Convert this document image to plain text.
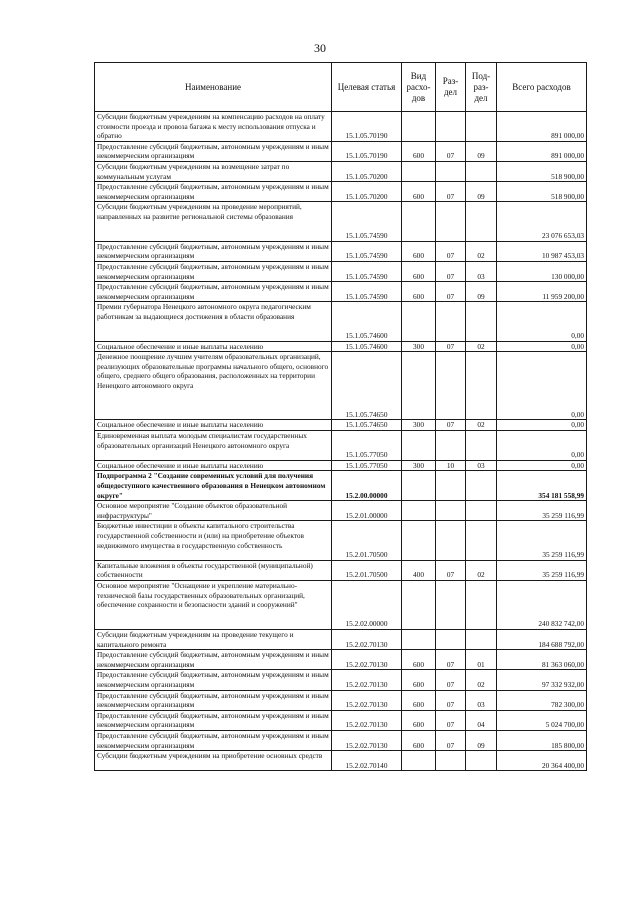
30
Наименование	Целевая статья	Вид расхо-дов	Раз-дел	Под-раз-дел	Всего расходов
Субсидии бюджетным учреждениям на компенсацию расходов на оплату стоимости проезда и провоза багажа к месту использования отпуска и обратно	15.1.05.70190				891 000,00
Предоставление субсидий бюджетным, автономным учреждениям и иным некоммерческим организациям	15.1.05.70190	600	07	09	891 000,00
Субсидии бюджетным учреждениям на возмещение затрат по коммунальным услугам	15.1.05.70200				518 900,00
Предоставление субсидий бюджетным, автономным учреждениям и иным некоммерческим организациям	15.1.05.70200	600	07	09	518 900,00
Субсидии бюджетным учреждениям на проведение мероприятий, направленных на развитие региональной системы образования	15.1.05.74590				23 076 653,03
Предоставление субсидий бюджетным, автономным учреждениям и иным некоммерческим организациям	15.1.05.74590	600	07	02	10 987 453,03
Предоставление субсидий бюджетным, автономным учреждениям и иным некоммерческим организациям	15.1.05.74590	600	07	03	130 000,00
Предоставление субсидий бюджетным, автономным учреждениям и иным некоммерческим организациям	15.1.05.74590	600	07	09	11 959 200,00
Премии губернатора Ненецкого автономного округа педагогическим работникам за выдающиеся достижения в области образования	15.1.05.74600				0,00
Социальное обеспечение и иные выплаты населению	15.1.05.74600	300	07	02	0,00
Денежное поощрение лучшим учителям образовательных организаций, реализующих образовательные программы начального общего, основного общего, среднего общего образования, расположенных на территории Ненецкого автономного округа	15.1.05.74650				0,00
Социальное обеспечение и иные выплаты населению	15.1.05.74650	300	07	02	0,00
Единовременная выплата молодым специалистам государственных образовательных организаций Ненецкого автономного округа	15.1.05.77050				0,00
Социальное обеспечение и иные выплаты населению	15.1.05.77050	300	10	03	0,00
Подпрограмма 2 "Создание современных условий для получения общедоступного качественного образования в Ненецком автономном округе"	15.2.00.00000				354 181 558,99
Основное мероприятие "Создание объектов образовательной инфраструктуры"	15.2.01.00000				35 259 116,99
Бюджетные инвестиции в объекты капитального строительства государственной собственности и (или) на приобретение объектов недвижимого имущества в государственную собственность	15.2.01.70500				35 259 116,99
Капитальные вложения в объекты государственной (муниципальной) собственности	15.2.01.70500	400	07	02	35 259 116,99
Основное мероприятие "Оснащение и укрепление материально-технической базы государственных образовательных организаций, обеспечение сохранности и безопасности зданий и сооружений"	15.2.02.00000				240 832 742,00
Субсидии бюджетным учреждениям на проведение текущего и капитального ремонта	15.2.02.70130				184 688 792,00
Предоставление субсидий бюджетным, автономным учреждениям и иным некоммерческим организациям	15.2.02.70130	600	07	01	81 363 060,00
Предоставление субсидий бюджетным, автономным учреждениям и иным некоммерческим организациям	15.2.02.70130	600	07	02	97 332 932,00
Предоставление субсидий бюджетным, автономным учреждениям и иным некоммерческим организациям	15.2.02.70130	600	07	03	782 300,00
Предоставление субсидий бюджетным, автономным учреждениям и иным некоммерческим организациям	15.2.02.70130	600	07	04	5 024 700,00
Предоставление субсидий бюджетным, автономным учреждениям и иным некоммерческим организациям	15.2.02.70130	600	07	09	185 800,00
Субсидии бюджетным учреждениям на приобретение основных средств	15.2.02.70140				20 364 400,00
